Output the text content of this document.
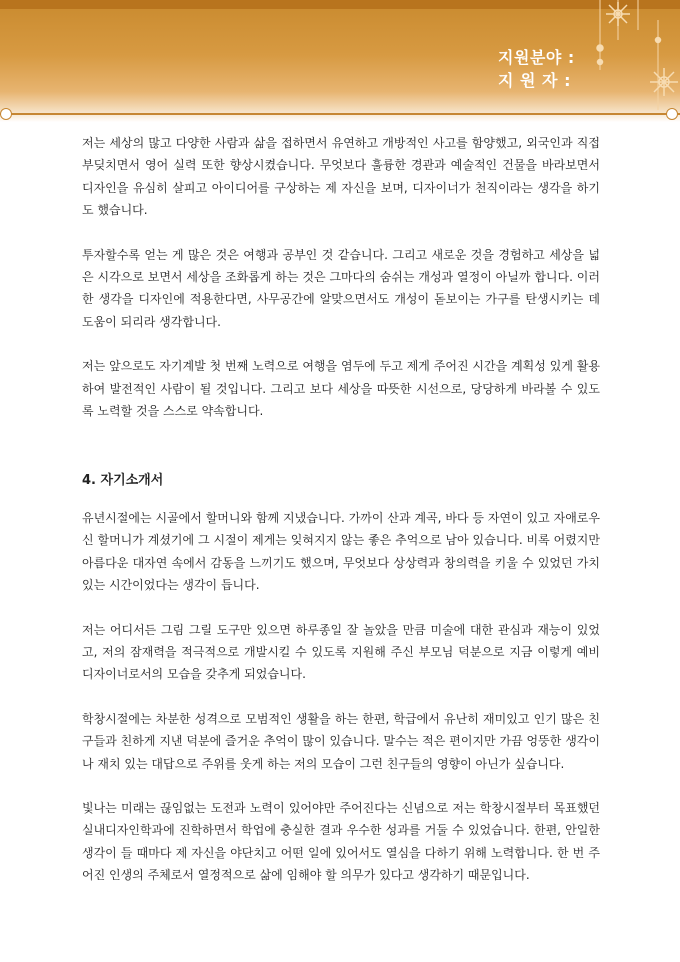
지원분야 :
지 원 자 :

저는 세상의 많고 다양한 사람과 삶을 접하면서 유연하고 개방적인 사고를 함양했고, 외국인과 직접 부딪치면서 영어 실력 또한 향상시켰습니다. 무엇보다 훌륭한 경관과 예술적인 건물을 바라보면서 디자인을 유심히 살피고 아이디어를 구상하는 제 자신을 보며, 디자이너가 천직이라는 생각을 하기도 했습니다.

투자할수록 얻는 게 많은 것은 여행과 공부인 것 같습니다. 그리고 새로운 것을 경험하고 세상을 넓은 시각으로 보면서 세상을 조화롭게 하는 것은 그마다의 숨쉬는 개성과 열정이 아닐까 합니다. 이러한 생각을 디자인에 적용한다면, 사무공간에 알맞으면서도 개성이 돋보이는 가구를 탄생시키는 데 도움이 되리라 생각합니다.

저는 앞으로도 자기계발 첫 번째 노력으로 여행을 염두에 두고 제게 주어진 시간을 계획성 있게 활용하여 발전적인 사람이 될 것입니다. 그리고 보다 세상을 따뜻한 시선으로, 당당하게 바라볼 수 있도록 노력할 것을 스스로 약속합니다.

4. 자기소개서

유년시절에는 시골에서 할머니와 함께 지냈습니다. 가까이 산과 계곡, 바다 등 자연이 있고 자애로우신 할머니가 계셨기에 그 시절이 제게는 잊혀지지 않는 좋은 추억으로 남아 있습니다. 비록 어렸지만 아름다운 대자연 속에서 감동을 느끼기도 했으며, 무엇보다 상상력과 창의력을 키울 수 있었던 가치 있는 시간이었다는 생각이 듭니다.

저는 어디서든 그림 그릴 도구만 있으면 하루종일 잘 놀았을 만큼 미술에 대한 관심과 재능이 있었고, 저의 잠재력을 적극적으로 개발시킬 수 있도록 지원해 주신 부모님 덕분으로 지금 이렇게 예비 디자이너로서의 모습을 갖추게 되었습니다.

학창시절에는 차분한 성격으로 모범적인 생활을 하는 한편, 학급에서 유난히 재미있고 인기 많은 친구들과 친하게 지낸 덕분에 즐거운 추억이 많이 있습니다. 말수는 적은 편이지만 가끔 엉뚱한 생각이나 재치 있는 대답으로 주위를 웃게 하는 저의 모습이 그런 친구들의 영향이 아닌가 싶습니다.

빛나는 미래는 끊임없는 도전과 노력이 있어야만 주어진다는 신념으로 저는 학창시절부터 목표했던 실내디자인학과에 진학하면서 학업에 충실한 결과 우수한 성과를 거둘 수 있었습니다. 한편, 안일한 생각이 들 때마다 제 자신을 야단치고 어떤 일에 있어서도 열심을 다하기 위해 노력합니다. 한 번 주어진 인생의 주체로서 열정적으로 삶에 임해야 할 의무가 있다고 생각하기 때문입니다.
